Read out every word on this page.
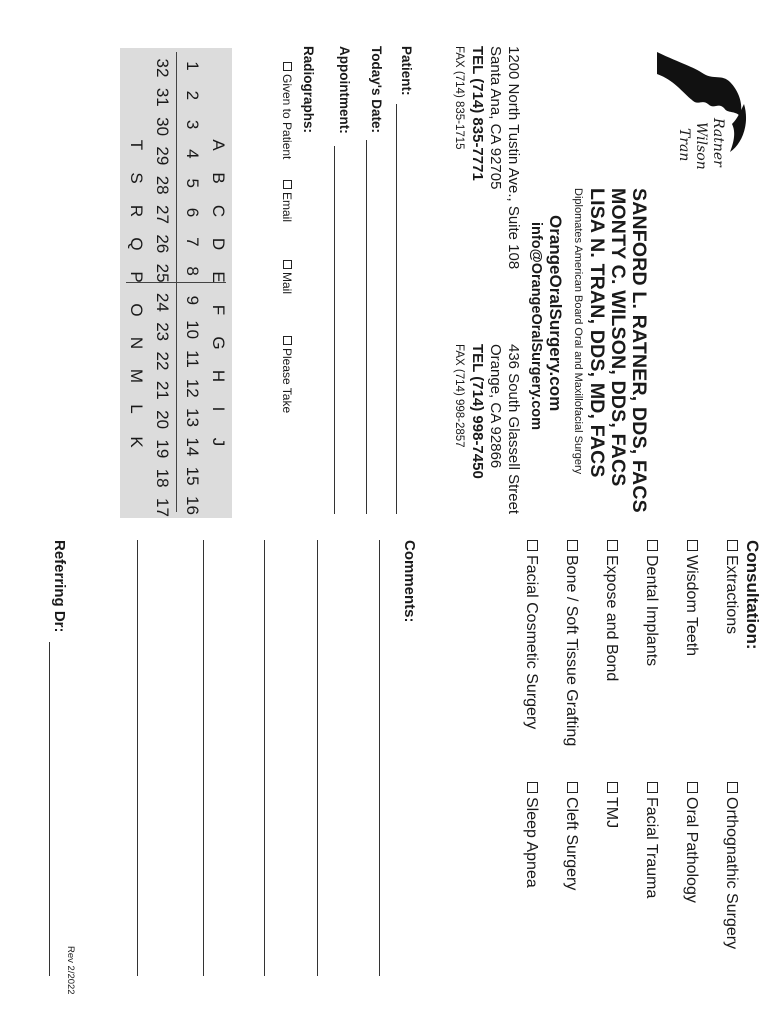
Ratner
Wilson
Tran
SANFORD L. RATNER, DDS, FACS
MONTY C. WILSON, DDS, FACS
LISA N. TRAN, DDS, MD, FACS
Diplomates American Board Oral and Maxillofacial Surgery
OrangeOralSurgery.com
info@OrangeOralSurgery.com
1200 North Tustin Ave., Suite 108
Santa Ana, CA 92705
TEL (714) 835-7771
FAX (714) 835-1715
436 South Glassell Street
Orange, CA 92866
TEL (714) 998-7450
FAX (714) 998-2857
Patient:
Today's Date:
Appointment:
Radiographs:
Given to Patient
Email
Mail
Please Take
A
B
C
D
E
F
G
H
I
J
1
2
3
4
5
6
7
8
9
10
11
12
13
14
15
16
32
31
30
29
28
27
26
25
24
23
22
21
20
19
18
17
T
S
R
Q
P
O
N
M
L
K
Consultation:
Extractions
Orthognathic Surgery
Wisdom Teeth
Oral Pathology
Dental Implants
Facial Trauma
Expose and Bond
TMJ
Bone / Soft Tissue Grafting
Cleft Surgery
Facial Cosmetic Surgery
Sleep Apnea
Comments:
Referring Dr:
Rev 2/2022
